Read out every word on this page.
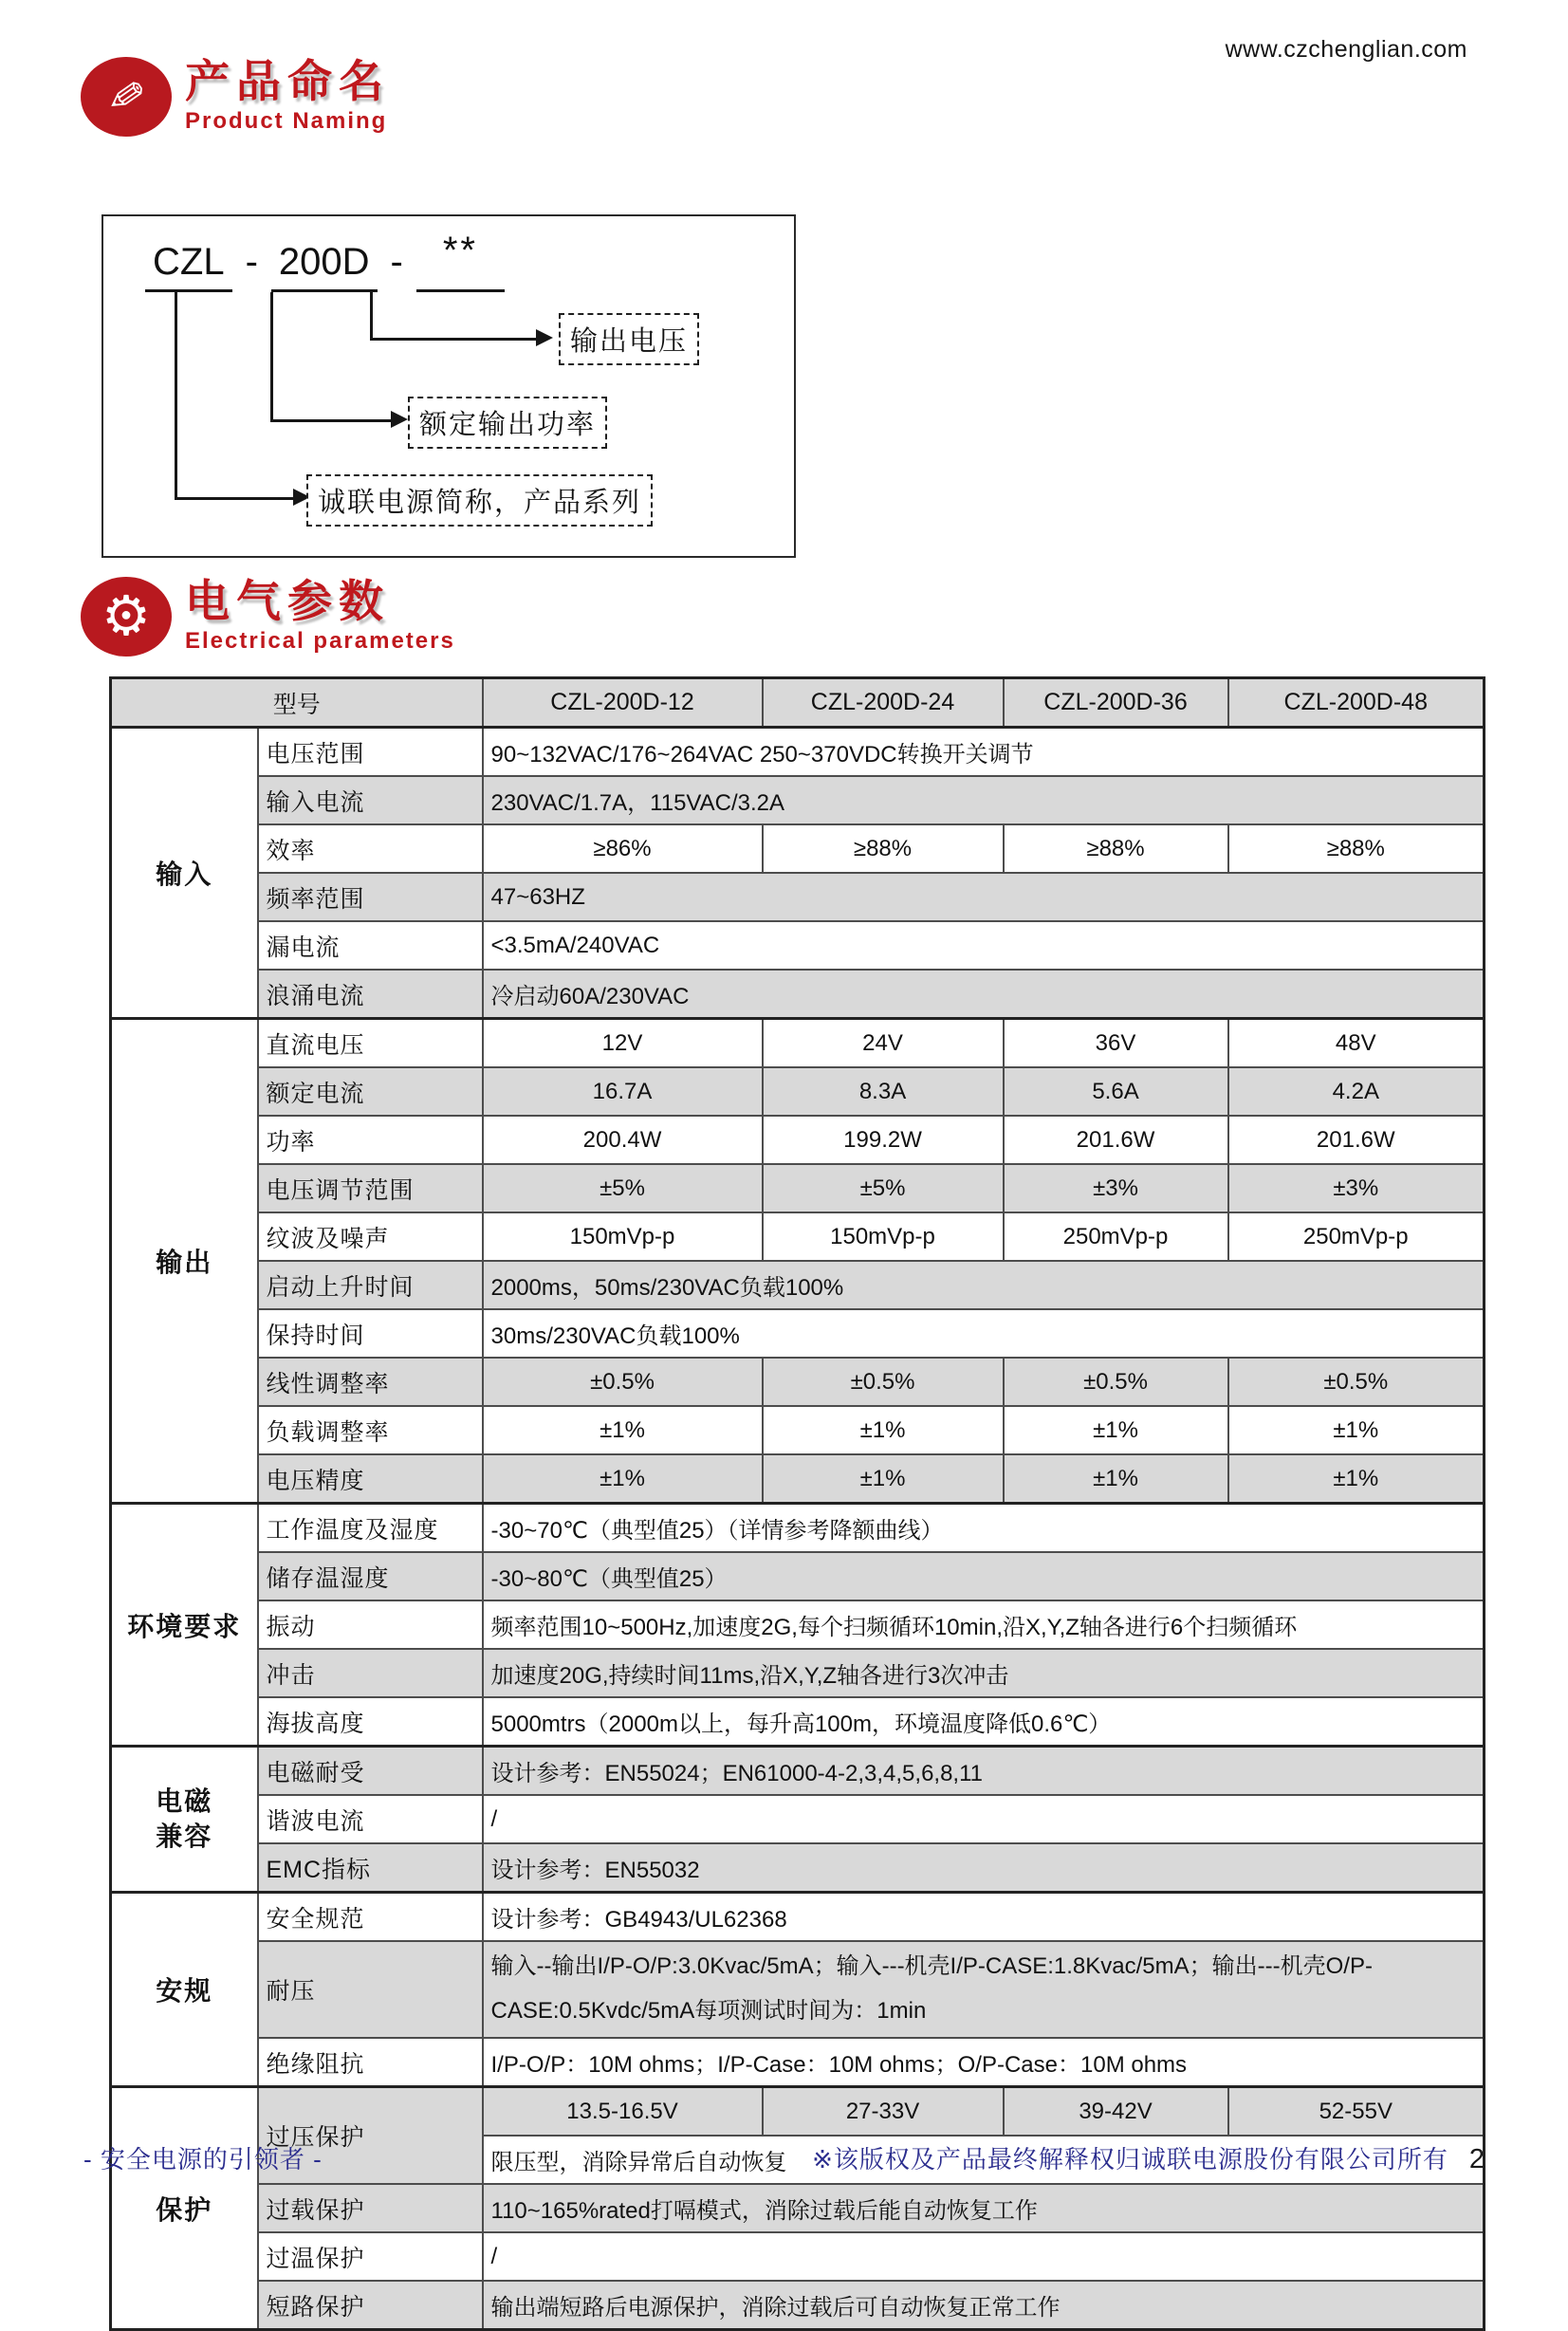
www.czchenglian.com
✎ 产品命名
Product Naming
CZL - 200D -	**
输出电压
额定输出功率
诚联电源简称，产品系列
⚙ 电气参数
Electrical parameters
型号		CZL-200D-12	CZL-200D-24	CZL-200D-36	CZL-200D-48
输入	电压范围	90~132VAC/176~264VAC 250~370VDC转换开关调节			
	输入电流	230VAC/1.7A，115VAC/3.2A			
	效率	≥86%	≥88%	≥88%	≥88%
	频率范围	47~63HZ			
	漏电流	<3.5mA/240VAC			
	浪涌电流	冷启动60A/230VAC			
输出	直流电压	12V	24V	36V	48V
	额定电流	16.7A	8.3A	5.6A	4.2A
	功率	200.4W	199.2W	201.6W	201.6W
	电压调节范围	±5%	±5%	±3%	±3%
	纹波及噪声	150mVp-p	150mVp-p	250mVp-p	250mVp-p
	启动上升时间	2000ms，50ms/230VAC负载100%			
	保持时间	30ms/230VAC负载100%			
	线性调整率	±0.5%	±0.5%	±0.5%	±0.5%
	负载调整率	±1%	±1%	±1%	±1%
	电压精度	±1%	±1%	±1%	±1%
环境要求	工作温度及湿度	-30~70℃（典型值25）（详情参考降额曲线）			
	储存温湿度	-30~80℃（典型值25）			
	振动	频率范围10~500Hz,加速度2G,每个扫频循环10min,沿X,Y,Z轴各进行6个扫频循环			
	冲击	加速度20G,持续时间11ms,沿X,Y,Z轴各进行3次冲击			
	海拔高度	5000mtrs（2000m以上，每升高100m，环境温度降低0.6℃）			

电磁
兼容	电磁耐受	设计参考：EN55024；EN61000-4-2,3,4,5,6,8,11			
	谐波电流	/			
	EMC指标	设计参考：EN55032			
安规	安全规范	设计参考：GB4943/UL62368			
	耐压	输入--输出I/P-O/P:3.0Kvac/5mA；输入---机壳I/P-CASE:1.8Kvac/5mA；输出---机壳O/P-CASE:0.5Kvdc/5mA每项测试时间为：1min			
	绝缘阻抗	I/P-O/P：10M ohms；I/P-Case：10M ohms；O/P-Case：10M ohms			
保护	过压保护	13.5-16.5V	27-33V	39-42V	52-55V
		限压型，消除异常后自动恢复			
	过载保护	110~165%rated打嗝模式，消除过载后能自动恢复工作			
	过温保护	/			
	短路保护	输出端短路后电源保护，消除过载后可自动恢复正常工作			
- 安全电源的引领者 -	※该版权及产品最终解释权归诚联电源股份有限公司所有 2
